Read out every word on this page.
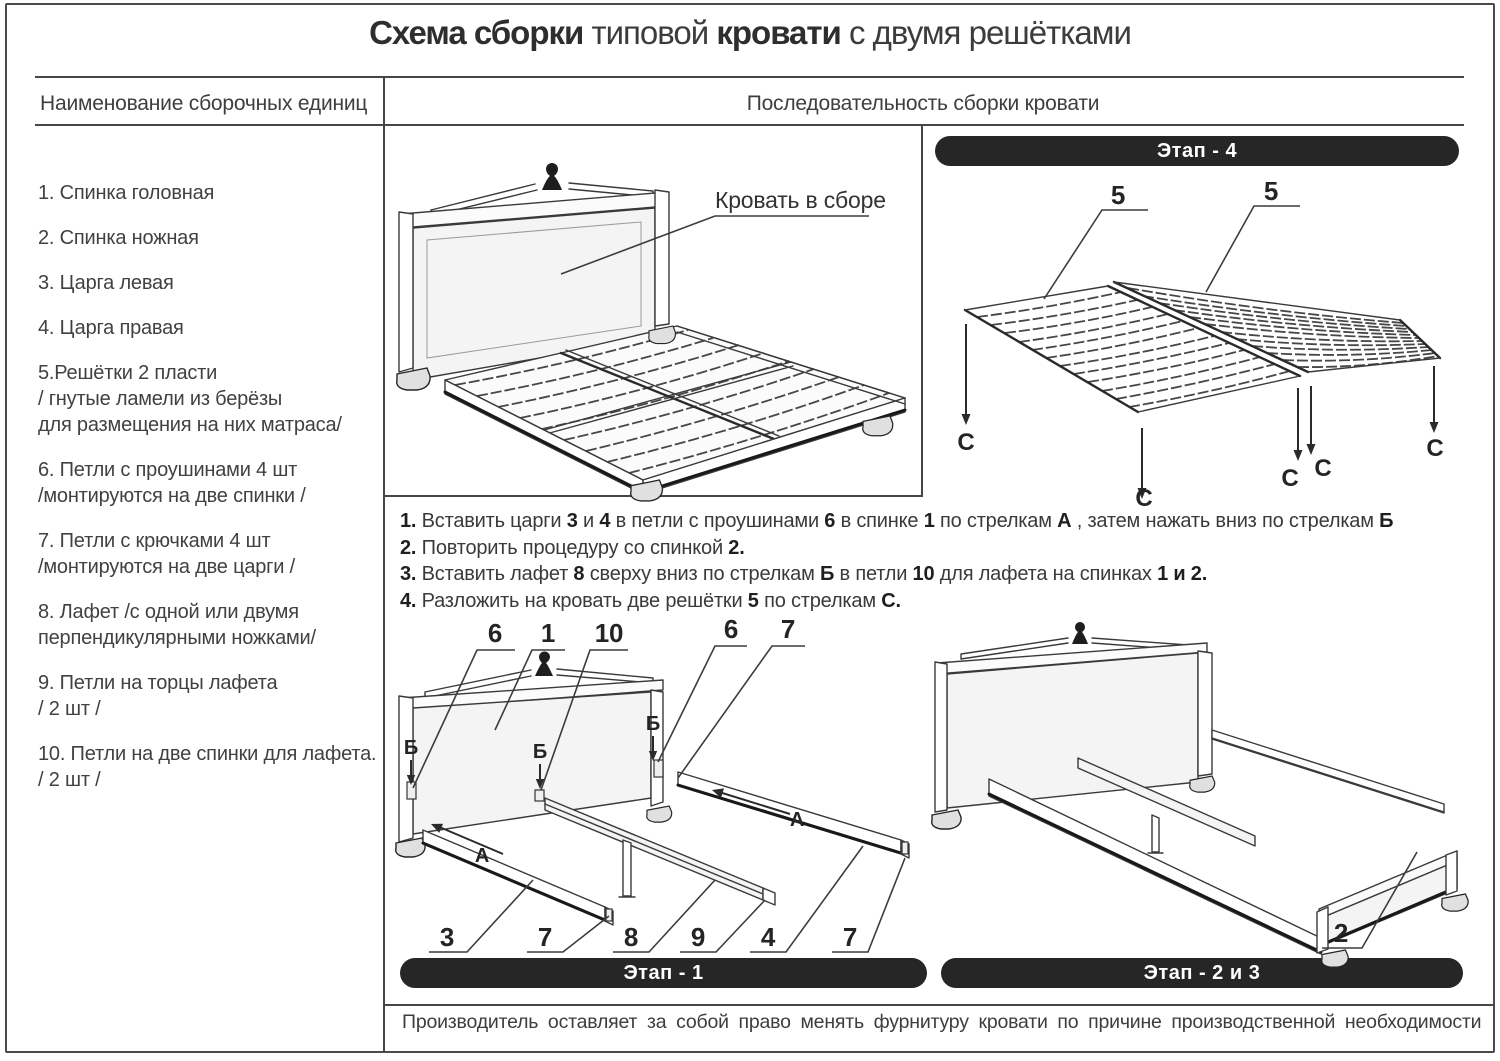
Схема сборки типовой кровати с двумя решётками
Наименование сборочных единиц	Последовательность сборки кровати
1. Спинка головная
2. Спинка ножная
3. Царга левая
4. Царга правая
5.Решётки 2 пласти
/ гнутые ламели из берёзы
для размещения на них матраса/
6. Петли с проушинами 4 шт
/монтируются на две спинки /
7. Петли с крючками 4 шт
/монтируются на две царги /
8. Лафет /с одной или двумя
перпендикулярными ножками/
9. Петли на торцы лафета
/ 2 шт /
10. Петли на две спинки для лафета.
/ 2 шт /
1. Вставить царги 3 и 4 в петли с проушинами 6 в спинке 1 по стрелкам А , затем нажать вниз по стрелкам Б
2. Повторить процедуру со спинкой 2.
3. Вставить лафет 8 сверху вниз по стрелкам Б в петли 10 для лафета на спинках 1 и 2.
4. Разложить на кровать две решётки 5 по стрелкам С.
Этап - 4
Этап - 1	Этап - 2 и 3
Производитель оставляет за собой право менять фурнитуру кровати по причине производственной необходимости
Кровать в сборе	5	5
С
С
С С
С
6 1 10	6 7
Б	Б
Б
А
А
3	7	8 9 4	7	2
